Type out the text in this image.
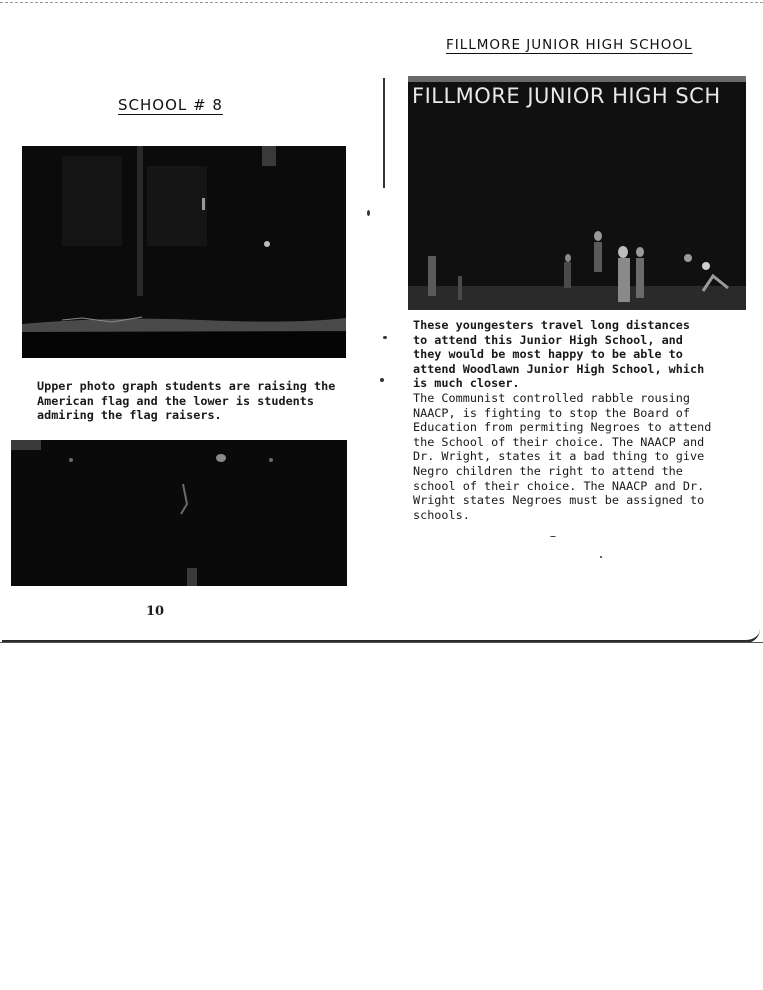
SCHOOL # 8
Upper photo graph students are raising the
American flag and the lower is students
admiring the flag raisers.
10
FILLMORE JUNIOR HIGH SCHOOL
FILLMORE JUNIOR HIGH SCH
These youngesters travel long distances
to attend this Junior High School, and
they would be most happy to be able to
attend Woodlawn Junior High School, which
is much closer.
The Communist controlled rabble rousing
NAACP, is fighting to stop the Board of
Education from permiting Negroes to attend
the School of their choice. The NAACP and
Dr. Wright, states it a bad thing to give
Negro children the right to attend the
school of their choice. The NAACP and Dr.
Wright states Negroes must be assigned to
schools.
